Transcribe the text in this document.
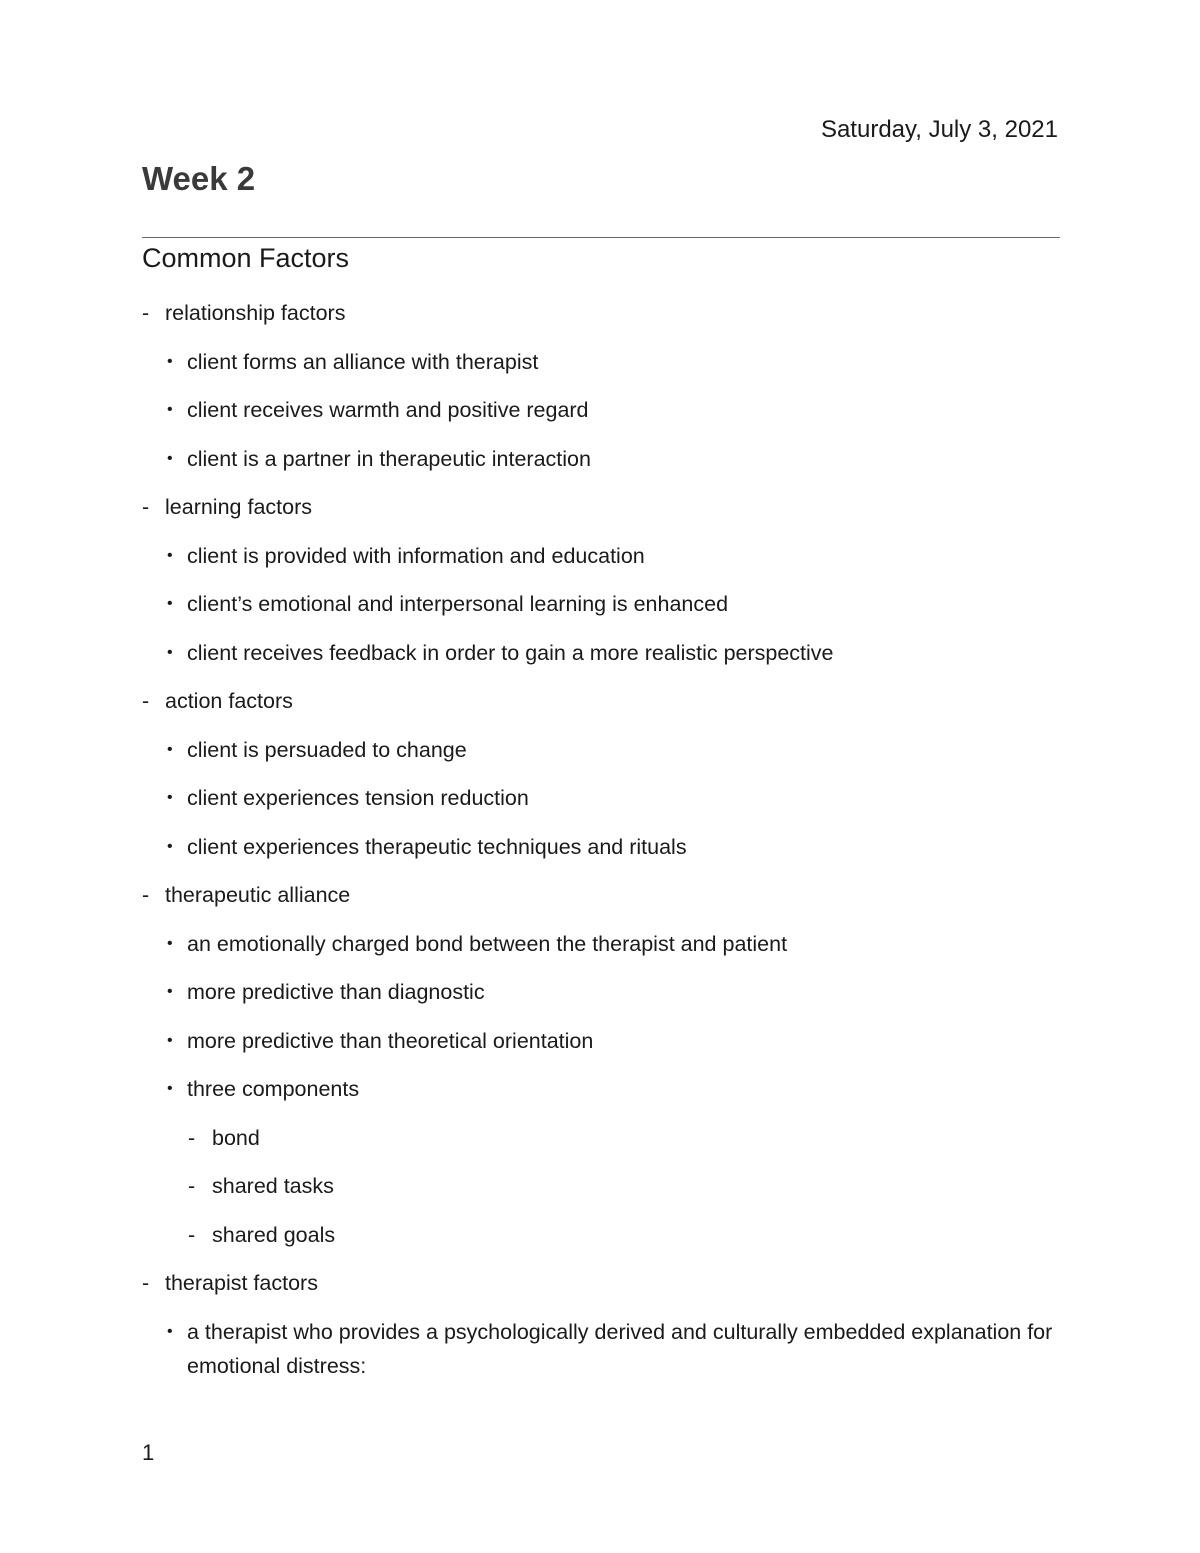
Saturday, July 3, 2021
Week 2
Common Factors
- relationship factors
• client forms an alliance with therapist
• client receives warmth and positive regard
• client is a partner in therapeutic interaction
- learning factors
• client is provided with information and education
• client’s emotional and interpersonal learning is enhanced
• client receives feedback in order to gain a more realistic perspective
- action factors
• client is persuaded to change
• client experiences tension reduction
• client experiences therapeutic techniques and rituals
- therapeutic alliance
• an emotionally charged bond between the therapist and patient
• more predictive than diagnostic
• more predictive than theoretical orientation
• three components
- bond
- shared tasks
- shared goals
- therapist factors
• a therapist who provides a psychologically derived and culturally embedded explanation for emotional distress:
1
